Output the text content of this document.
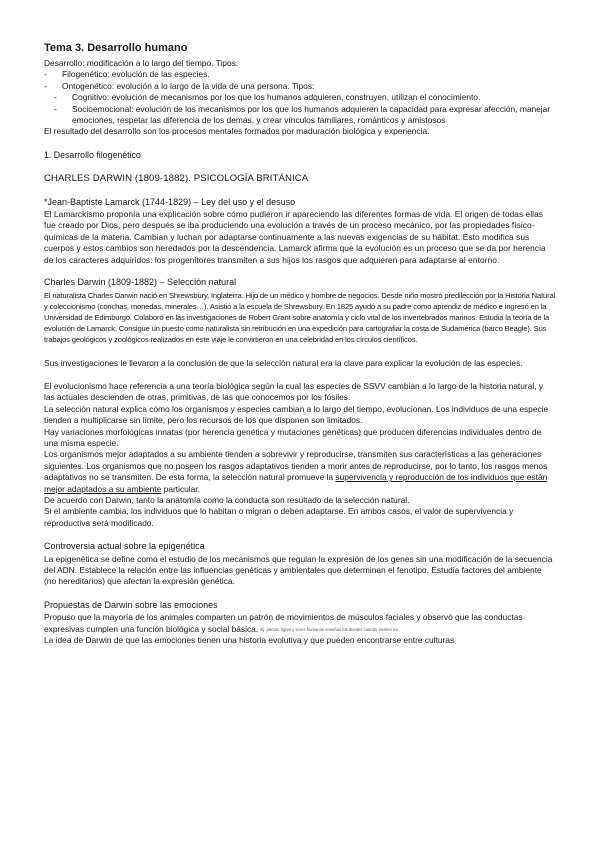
Tema 3. Desarrollo humano

Desarrollo: modificación a lo largo del tiempo. Tipos:

- Filogenético: evolución de las especies.
- Ontogenético: evolución a lo largo de la vida de una persona. Tipos:
- Cognitivo: evolución de mecanismos por los que los humanos adquieren, construyen, utilizan el conocimiento.
- Socioemocional: evolución de los mecanismos por los que los humanos adquieren la capacidad para expresar afección, manejar emociones, respetar las diferencia de los demás, y crear vínculos familiares, románticos y amistosos

El resultado del desarrollo son los procesos mentales formados por maduración biológica y experiencia.

1. Desarrollo filogenético

CHARLES DARWIN (1809-1882). PSICOLOGÍA BRITÁNICA

*Jean-Baptiste Lamarck (1744-1829) – Ley del uso y el desuso

El Lamarckismo proponía una explicación sobre cómo pudieron ir apareciendo las diferentes formas de vida. El origen de todas ellas fue creado por Dios, pero después se iba produciendo una evolución a través de un proceso mecánico, por las propiedades físico-químicas de la materia. Cambian y luchan por adaptarse continuamente a las nuevas exigencias de su hábitat. Esto modifica sus cuerpos y estos cambios son heredados por la descendencia. Lamarck afirma que la evolución es un proceso que se da por herencia de los caracteres adquiridos: los progenitores transmiten a sus hijos los rasgos que adquieren para adaptarse al entorno.

Charles Darwin (1809-1882) – Selección natural

El naturalista Charles Darwin nació en Shrewsbury, Inglaterra. Hijo de un médico y hombre de negocios. Desde niño mostró predilección por la Historia Natural y coleccionismo (conchas, monedas, minerales…). Asistió a la escuela de Shrewsbury. En 1825 ayudó a su padre como aprendiz de médico e ingresó en la Universidad de Edimburgo. Colaboró en las investigaciones de Robert Grant sobre anatomía y ciclo vital de los invertebrados marinos. Estudia la teoría de la evolución de Lamarck. Consigue un puesto como naturalista sin retribución en una expedición para cartografiar la costa de Sudamérica (barco Beagle). Sus trabajos geológicos y zoológicos realizados en este viaje le convirtieron en una celebridad en los círculos científicos.

Sus investigaciones le llevaron a la conclusión de que la selección natural era la clave para explicar la evolución de las especies.

El evolucionismo hace referencia a una teoría biológica según la cual las especies de SSVV cambian a lo largo de la historia natural, y las actuales descienden de otras, primitivas, de las que conocemos por los fósiles.

La selección natural explica cómo los organismos y especies cambian a lo largo del tiempo, evolucionan. Los individuos de una especie tienden a multiplicarse sin límite, pero los recursos de los que disponen son limitados.

Hay variaciones morfológicas innatas (por herencia genética y mutaciones genéticas) que producen diferencias individuales dentro de una misma especie.

Los organismos mejor adaptados a su ambiente tienden a sobrevivir y reproducirse, transmiten sus características a las generaciones siguientes. Los organismos que no poseen los rasgos adaptativos tienden a morir antes de reproducirse, por lo tanto, los rasgos menos adaptativos no se transmiten. De esta forma, la selección natural promueve la supervivencia y reproducción de los individuos que están mejor adaptados a su ambiente particular.

De acuerdo con Darwin, tanto la anatomía como la conducta son resultado de la selección natural.

Si el ambiente cambia, los individuos que lo habitan o migran o deben adaptarse. En ambos casos, el valor de supervivencia y reproductiva será modificado.

Controversia actual sobre la epigenética

La epigenética se define como el estudio de los mecanismos que regulan la expresión de los genes sin una modificación de la secuencia del ADN. Establece la relación entre las influencias genéticas y ambientales que determinan el fenotipo. Estudia factores del ambiente (no hereditarios) que afectan la expresión genética.

Propuestas de Darwin sobre las emociones

Propuso que la mayoría de los animales comparten un patrón de movimientos de músculos faciales y observó que las conductas expresivas cumplen una función biológica y social básica. Ej: perros, tigres y seres humanos enseñan los dientes cuando sienten ira

La idea de Darwin de que las emociones tienen una historia evolutiva y que pueden encontrarse entre culturas
